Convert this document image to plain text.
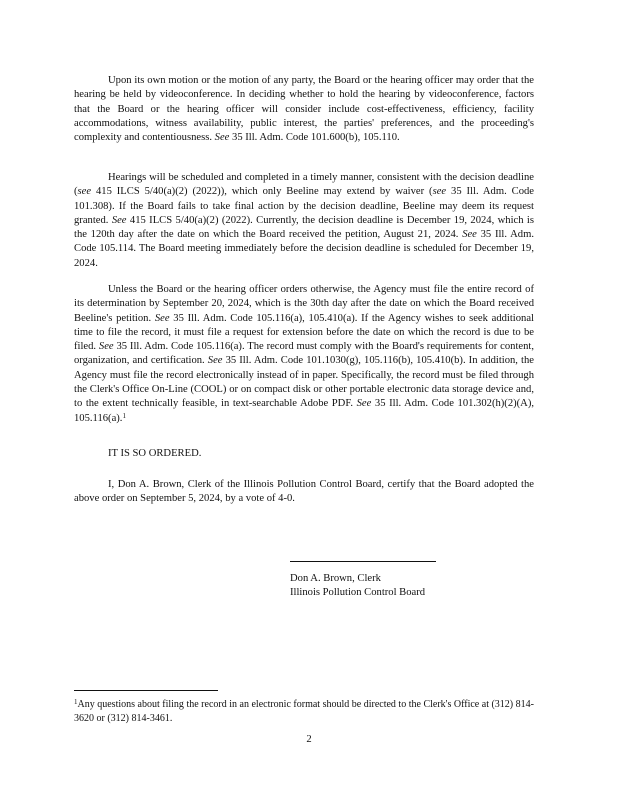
Upon its own motion or the motion of any party, the Board or the hearing officer may order that the hearing be held by videoconference. In deciding whether to hold the hearing by videoconference, factors that the Board or the hearing officer will consider include cost-effectiveness, efficiency, facility accommodations, witness availability, public interest, the parties' preferences, and the proceeding's complexity and contentiousness. See 35 Ill. Adm. Code 101.600(b), 105.110.

Hearings will be scheduled and completed in a timely manner, consistent with the decision deadline (see 415 ILCS 5/40(a)(2) (2022)), which only Beeline may extend by waiver (see 35 Ill. Adm. Code 101.308). If the Board fails to take final action by the decision deadline, Beeline may deem its request granted. See 415 ILCS 5/40(a)(2) (2022). Currently, the decision deadline is December 19, 2024, which is the 120th day after the date on which the Board received the petition, August 21, 2024. See 35 Ill. Adm. Code 105.114. The Board meeting immediately before the decision deadline is scheduled for December 19, 2024.

Unless the Board or the hearing officer orders otherwise, the Agency must file the entire record of its determination by September 20, 2024, which is the 30th day after the date on which the Board received Beeline's petition. See 35 Ill. Adm. Code 105.116(a), 105.410(a). If the Agency wishes to seek additional time to file the record, it must file a request for extension before the date on which the record is due to be filed. See 35 Ill. Adm. Code 105.116(a). The record must comply with the Board's requirements for content, organization, and certification. See 35 Ill. Adm. Code 101.1030(g), 105.116(b), 105.410(b). In addition, the Agency must file the record electronically instead of in paper. Specifically, the record must be filed through the Clerk's Office On-Line (COOL) or on compact disk or other portable electronic data storage device and, to the extent technically feasible, in text-searchable Adobe PDF. See 35 Ill. Adm. Code 101.302(h)(2)(A), 105.116(a).$^1$

IT IS SO ORDERED.

I, Don A. Brown, Clerk of the Illinois Pollution Control Board, certify that the Board adopted the above order on September 5, 2024, by a vote of 4-0.

Don A. Brown, Clerk
Illinois Pollution Control Board

$^1$Any questions about filing the record in an electronic format should be directed to the Clerk's Office at (312) 814-3620 or (312) 814-3461.

2
